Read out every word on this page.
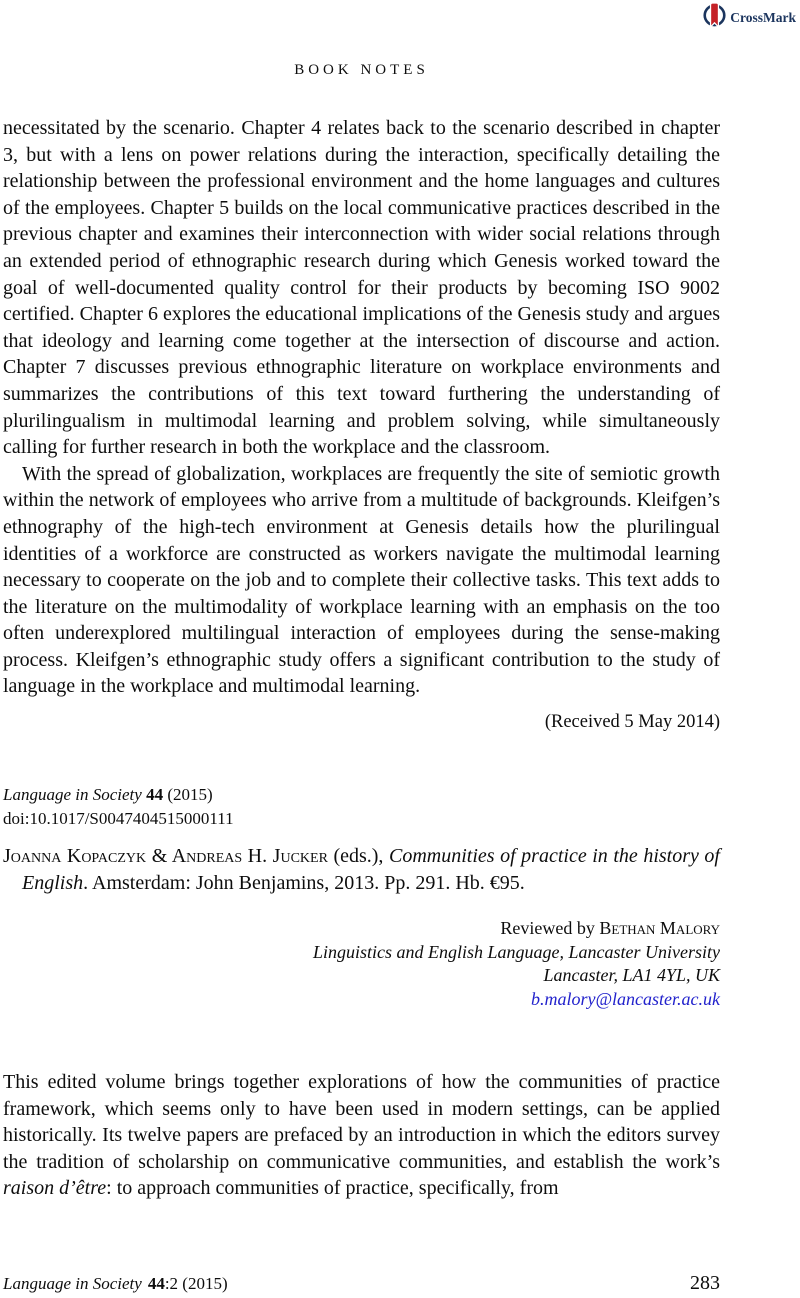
CrossMark
BOOK NOTES

necessitated by the scenario. Chapter 4 relates back to the scenario described in chapter 3, but with a lens on power relations during the interaction, specifically detailing the relationship between the professional environment and the home languages and cultures of the employees. Chapter 5 builds on the local communicative practices described in the previous chapter and examines their interconnection with wider social relations through an extended period of ethnographic research during which Genesis worked toward the goal of well-documented quality control for their products by becoming ISO 9002 certified. Chapter 6 explores the educational implications of the Genesis study and argues that ideology and learning come together at the intersection of discourse and action. Chapter 7 discusses previous ethnographic literature on workplace environments and summarizes the contributions of this text toward furthering the understanding of plurilingualism in multimodal learning and problem solving, while simultaneously calling for further research in both the workplace and the classroom.

With the spread of globalization, workplaces are frequently the site of semiotic growth within the network of employees who arrive from a multitude of backgrounds. Kleifgen’s ethnography of the high-tech environment at Genesis details how the plurilingual identities of a workforce are constructed as workers navigate the multimodal learning necessary to cooperate on the job and to complete their collective tasks. This text adds to the literature on the multimodality of workplace learning with an emphasis on the too often underexplored multilingual interaction of employees during the sense-making process. Kleifgen’s ethnographic study offers a significant contribution to the study of language in the workplace and multimodal learning.

(Received 5 May 2014)
Language in Society 44 (2015)
doi:10.1017/S0047404515000111

Joanna Kopaczyk & Andreas H. Jucker (eds.), Communities of practice in the history of English. Amsterdam: John Benjamins, 2013. Pp. 291. Hb. €95.

Reviewed by Bethan Malory
Linguistics and English Language, Lancaster University
Lancaster, LA1 4YL, UK
b.malory@lancaster.ac.uk

This edited volume brings together explorations of how the communities of practice framework, which seems only to have been used in modern settings, can be applied historically. Its twelve papers are prefaced by an introduction in which the editors survey the tradition of scholarship on communicative communities, and establish the work’s raison d’être: to approach communities of practice, specifically, from

Language in Society 44:2 (2015)	283
